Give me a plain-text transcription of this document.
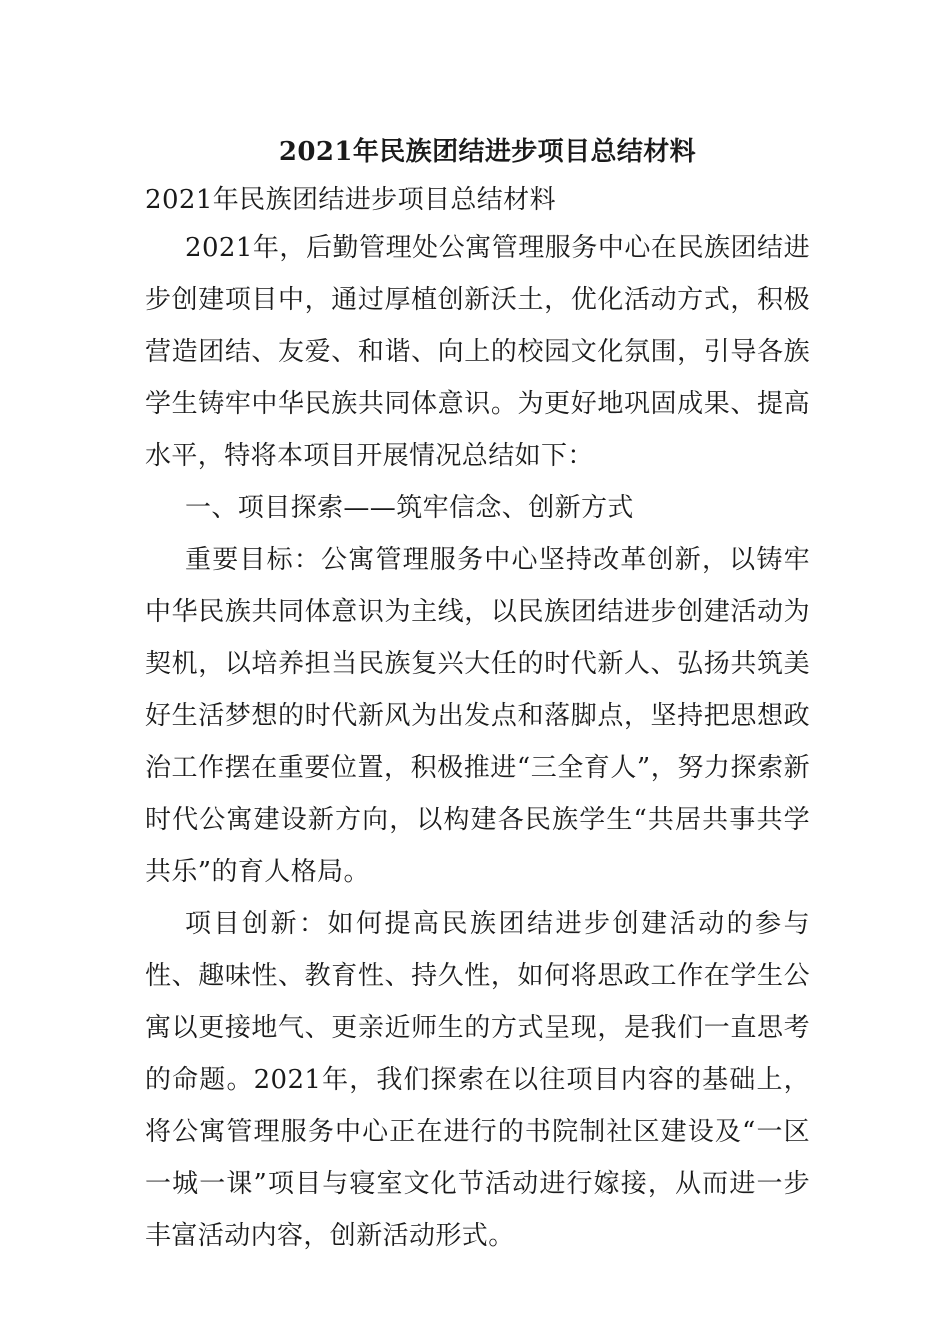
2021年民族团结进步项目总结材料
2021年民族团结进步项目总结材料

2021年，后勤管理处公寓管理服务中心在民族团结进步创建项目中，通过厚植创新沃土，优化活动方式，积极营造团结、友爱、和谐、向上的校园文化氛围，引导各族学生铸牢中华民族共同体意识。为更好地巩固成果、提高水平，特将本项目开展情况总结如下：

一、项目探索——筑牢信念、创新方式

重要目标：公寓管理服务中心坚持改革创新，以铸牢中华民族共同体意识为主线，以民族团结进步创建活动为契机，以培养担当民族复兴大任的时代新人、弘扬共筑美好生活梦想的时代新风为出发点和落脚点，坚持把思想政治工作摆在重要位置，积极推进“三全育人”，努力探索新时代公寓建设新方向，以构建各民族学生“共居共事共学共乐”的育人格局。

项目创新：如何提高民族团结进步创建活动的参与性、趣味性、教育性、持久性，如何将思政工作在学生公寓以更接地气、更亲近师生的方式呈现，是我们一直思考的命题。2021年，我们探索在以往项目内容的基础上，将公寓管理服务中心正在进行的书院制社区建设及“一区一城一课”项目与寝室文化节活动进行嫁接，从而进一步丰富活动内容，创新活动形式。
